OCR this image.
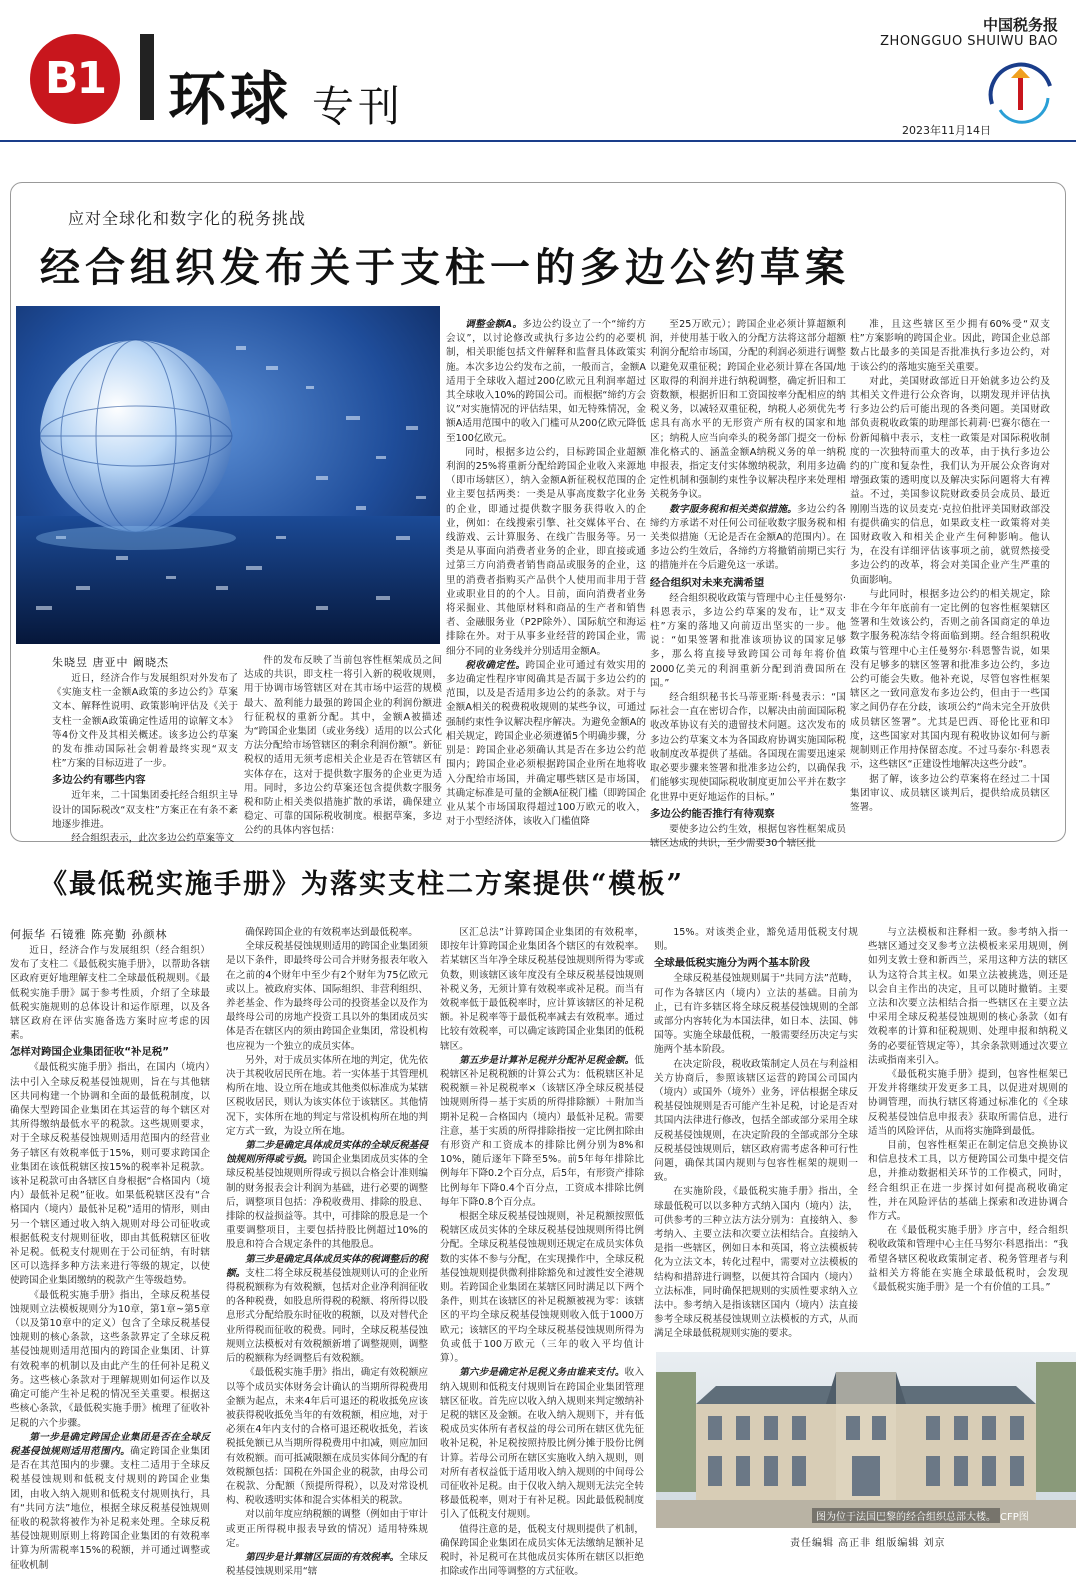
B1 环球 专刊
中国税务报
ZHONGGUO SHUIWU BAO
2023年11月14日
应对全球化和数字化的税务挑战
经合组织发布关于支柱一的多边公约草案
朱晓昱 唐亚中 阚晓杰

近日，经济合作与发展组织对外发布了《实施支柱一金额A政策的多边公约》草案文本、解释性说明、政策影响评估及《关于支柱一金额A政策确定性适用的谅解文本》等4份文件及其相关概述。该多边公约草案的发布推动国际社会朝着最终实现“双支柱”方案的目标迈进了一步。

多边公约有哪些内容

近年来，二十国集团委托经合组织主导设计的国际税改“双支柱”方案正在有条不紊地逐步推进。

经合组织表示，此次多边公约草案等文

件的发布反映了当前包容性框架成员之间达成的共识，即支柱一将引入新的税收规则，用于协调市场管辖区对在其市场中运营的规模最大、盈利能力最强的跨国企业的利润份额进行征税权的重新分配。其中，金额A被描述为“跨国企业集团（或业务线）适用的以公式化方法分配给市场管辖区的剩余利润份额”。新征税权的适用无须考虑相关企业是否在管辖区有实体存在，这对于提供数字服务的企业更为适用。同时，多边公约草案还包含提供数字服务税和防止相关类似措施扩散的承诺，确保建立稳定、可靠的国际税收制度。根据草案，多边公约的具体内容包括：

调整金额A。多边公约设立了一个“缔约方会议”，以讨论修改或执行多边公约的必要机制，相关职能包括文件解释和监督具体政策实施。本次多边公约发布之前，一般而言，金额A适用于全球收入超过200亿欧元且利润率超过其全球收入10%的跨国公司。而根据“缔约方会议”对实施情况的评估结果，如无特殊情况，金额A适用范围中的收入门槛可从200亿欧元降低至100亿欧元。

同时，根据多边公约，目标跨国企业超额利润的25%将重新分配给跨国企业收入来源地（即市场辖区），纳入金额A新征税权范围的企业主要包括两类：一类是从事高度数字化业务的企业，即通过提供数字服务获得收入的企业，例如：在线搜索引擎、社交媒体平台、在线游戏、云计算服务、在线广告服务等。另一类是从事面向消费者业务的企业，即直接或通过第三方向消费者销售商品或服务的企业，这里的消费者指购买产品供个人使用而非用于营业或职业目的的个人。目前，面向消费者业务将采掘业、其他原材料和商品的生产者和销售者、金融服务业（P2P除外）、国际航空和海运排除在外。对于从事多业经营的跨国企业，需细分不同的业务线并分别适用金额A。

税收确定性。跨国企业可通过有效实用的多边确定性程序审阅确其是否属于多边公约的范围，以及是否适用多边公约的条款。对于与金额A相关的税费税收规则的某些争议，可通过强制约束性争议解决程序解决。为避免金额A的相关规定，跨国企业必须遵循5个明确步骤，分别是：跨国企业必须确认其是否在多边公约范围内；跨国企业必须根据跨国企业所在地将收入分配给市场国，并确定哪些辖区是市场国，其确定标准是可量的金额A征税门槛（即跨国企业从某个市场国取得超过100万欧元的收入，对于小型经济体，该收入门槛值降

至25万欧元）；跨国企业必须计算超额利润，并使用基于收入的分配方法将这部分超额利润分配给市场国，分配的利润必须进行调整以避免双重征税；跨国企业必须计算在各国/地区取得的利润并进行纳税调整，确定折旧和工资数额，根据折旧和工资国按率分配相应的纳税义务，以减轻双重征税，纳税人必须优先考虑具有高水平的无形资产所有权的国家和地区；纳税人应当向牵头的税务部门提交一份标准化格式的、涵盖金额A纳税义务的单一纳税申报表，指定支付实体缴纳税款，利用多边确定性机制和强制约束性争议解决程序来处理相关税务争议。

数字服务税和相关类似措施。多边公约各缔约方承诺不对任何公司征收数字服务税和相关类似措施（无论是否在金额A的范围内）。在多边公约生效后，各缔约方将撤销前期已实行的措施并在今后避免这一承诺。

经合组织对未来充满希望

经合组织税收政策与管理中心主任曼努尔·科恩表示，多边公约草案的发布，让“双支柱”方案的落地又向前迈出坚实的一步。他说：“如果签署和批准该项协议的国家足够多，那么将直接导致跨国公司每年将价值2000亿美元的利润重新分配到消费国所在国。”

经合组织秘书长马蒂亚斯·科曼表示：“国际社会一直在密切合作，以解决由前面国际税收改革协议有关的遗留技术问题。这次发布的多边公约草案文本为各国政府协调实施国际税收制度改革提供了基础。各国现在需要迅速采取必要步骤来签署和批准多边公约，以确保我们能够实现使国际税收制度更加公平并在数字化世界中更好地运作的目标。”

多边公约能否推行有待观察

要使多边公约生效，根据包容性框架成员辖区达成的共识，至少需要30个辖区批

准，且这些辖区至少拥有60%受“双支柱”方案影响的跨国企业。因此，跨国企业总部数占比最多的美国是否批准执行多边公约，对于该公约的落地实施至关重要。

对此，美国财政部近日开始就多边公约及其相关文件进行公众咨询，以期发现并评估执行多边公约后可能出现的各类问题。美国财政部负责税收政策的助理部长莉莉·巴赛尔德在一份新闻稿中表示，支柱一政策是对国际税收制度的一次独特而重大的改革，由于执行多边公约的广度和复杂性，我们认为开展公众咨询对增强政策的透明度以及解决实际问题将大有裨益。不过，美国参议院财政委员会成员、最近刚刚当选的议员麦克·克拉伯批评美国财政部没有提供确实的信息，如果政支柱一政策将对美国财政收入和相关企业产生何种影响。他认为，在没有详细评估该事项之前，就贸然接受多边公约的改革，将会对美国企业产生严重的负面影响。

与此同时，根据多边公约的相关规定，除非在今年年底前有一定比例的包容性框架辖区签署和生效该公约，否则之前各国商定的单边数字服务税冻结令将面临到期。经合组织税收政策与管理中心主任曼努尔·科恩警告说，如果没有足够多的辖区签署和批准多边公约，多边公约可能会失败。他补充说，尽管包容性框架辖区之一致同意发布多边公约，但由于一些国家之间仍存在分歧，该项公约“尚未完全开放供成员辖区签署”。尤其是巴西、哥伦比亚和印度，这些国家对其国内现有税收协议如何与新规制则正作用持保留态度。不过马泰尔·科恩表示，这些辖区“正建设性地解决这些分歧”。

据了解，该多边公约草案将在经过二十国集团审议、成员辖区谈判后，提供给成员辖区签署。

《最低税实施手册》为落实支柱二方案提供“模板”
何振华 石镜雅 陈亮勤 孙颜林

近日，经济合作与发展组织（经合组织）发布了支柱二《最低税实施手册》，以帮助各辖区政府更好地理解支柱二全球最低税规则。《最低税实施手册》属于参考性质，介绍了全球最低税实施规则的总体设计和运作原理，以及各辖区政府在评估实施备选方案时应考虑的因素。

怎样对跨国企业集团征收“补足税”

《最低税实施手册》指出，在国内（境内）法中引入全球反税基侵蚀规则，旨在与其他辖区共同构建一个协调和全面的最低税制度，以确保大型跨国企业集团在其运营的每个辖区对其所得缴纳最低水平的税款。这些规则要求，对于全球反税基侵蚀规则适用范围内的经营业务子辖区有效税率低于15%，则可要求跨国企业集团在该低税辖区按15%的税率补足税款。该补足税款可由各辖区自身根据“合格国内（境内）最低补足税”征收。如果低税辖区没有“合格国内（境内）最低补足税”适用的情形，则由另一个辖区通过收入纳入规则对母公司征收或根据低税支付规则征收，即由其低税辖区征收补足税。低税支付规则在于公司征纳，有时辖区可以选择多种方法来进行等级的规定，以使使跨国企业集团缴纳的税款产生等级趋势。

《最低税实施手册》指出，全球反税基侵蚀规则立法模板规则分为10章，第1章~第5章（以及第10章中的定义）包含了全球反税基侵蚀规则的核心条款，这些条款界定了全球反税基侵蚀规则适用范围内的跨国企业集团、计算有效税率的机制以及由此产生的任何补足税义务。这些核心条款对于理解规则如何运作以及确定可能产生补足税的情况至关重要。根据这些核心条款，《最低税实施手册》梳理了征收补足税的六个步骤。

第一步是确定跨国企业集团是否在全球反税基侵蚀规则适用范围内。确定跨国企业集团是否在其范围内的步骤。支柱二适用于全球反税基侵蚀规则和低税支付规则的跨国企业集团，由收入纳入规则和低税支付规则执行，具有“共同方法”地位，根据全球反税基侵蚀规则征收的税款将被作为补足税来处理。全球反税基侵蚀规则原则上将跨国企业集团的有效税率计算为所需税率15%的税额，并可通过调整或征收机制

确保跨国企业的有效税率达到最低税率。

全球反税基侵蚀规则适用的跨国企业集团须是以下条件，即最终母公司合并财务报表年收入在之前的4个财年中至少有2个财年为75亿欧元或以上。被政府实体、国际组织、非营利组织、养老基金、作为最终母公司的投资基金以及作为最终母公司的房地产投资工具以外的集团成员实体是否在辖区内的须由跨国企业集团，常设机构也应视为一个独立的成员实体。

另外，对于成员实体所在地的判定，优先依决于其税收居民所在地。若一实体基于其管理机构所在地、设立所在地或其他类似标准成为某辖区税收居民，则认为该实体位于该辖区。其他情况下，实体所在地的判定与常设机构所在地的判定方式一致，为设立所在地。

第二步是确定具体成员实体的全球反税基侵蚀规则所得或亏损。跨国企业集团成员实体的全球反税基侵蚀规则所得或亏损以合格会计准则编制的财务报表会计利润为基础，进行必要的调整后，调整项目包括：净税收费用、排除的股息、排除的权益损益等。其中，可排除的股息是一个重要调整项目，主要包括持股比例超过10%的股息和符合合规定条件的其他股息。

第三步是确定具体成员实体的税调整后的税额。支柱二将全球反税基侵蚀规则认可的企业所得税税额称为有效税额，包括对企业净利润征收的各种税费，如股息所得税的税额、将所得以股息形式分配给股东时征收的税额，以及对替代企业所得税而征收的税费。同时，全球反税基侵蚀规则立法模板对有效税额新增了调整规则，调整后的税额称为经调整后有效税额。

《最低税实施手册》指出，确定有效税额应以等个成员实体财务会计确认的当期所得税费用金额为起点，未来4年后可退还的税收抵免应该被获得税收抵免当年的有效税额，相应地，对于必须在4年内支付的合格可退还税收抵免，若该税抵免额已从当期所得税费用中扣减，则应加回有效税额。而可抵减限额在成员实体间分配的有效税额包括：国税在外国企业的税款，由母公司在税款、分配额（预提所得税），以及对常设机构、税收透明实体和混合实体相关的税款。

对以前年度应纳税额的调整（例如由于审计或更正所得税申报表导致的情况）适用特殊规定。

第四步是计算辖区层面的有效税率。全球反税基侵蚀规则采用“辖

区汇总法”计算跨国企业集团的有效税率，即按年计算跨国企业集团各个辖区的有效税率。若某辖区当年净全球反税基侵蚀规则所得为零或负数，则该辖区该年度没有全球反税基侵蚀规则补税义务，无须计算有效税率或补足税。而当有效税率低于最低税率时，应计算该辖区的补足税额。补足税率等于最低税率减去有效税率。通过比较有效税率，可以确定该跨国企业集团的低税辖区。

第五步是计算补足税并分配补足税金额。低税辖区补足税税额的计算公式为：低税辖区补足税税额＝补足税税率×（该辖区净全球反税基侵蚀规则所得－基于实质的所得排除额）＋附加当期补足税－合格国内（境内）最低补足税。需要注意，基于实质的所得排除指按一定比例扣除由有形资产和工资成本的排除比例分别为8%和10%，随后逐年下降至5%。前5年每年排除比例每年下降0.2个百分点，后5年，有形资产排除比例每年下降0.4个百分点，工资成本排除比例每年下降0.8个百分点。

根据全球反税基侵蚀规则，补足税额按照低税辖区成员实体的全球反税基侵蚀规则所得比例分配。全球反税基侵蚀规则还规定在成员实体负数的实体不参与分配，在实现操作中，全球反税基侵蚀规则提供微利排除豁免和过渡性安全港规则。若跨国企业集团在某辖区同时满足以下两个条件，则其在该辖区的补足税额被视为零：该辖区的平均全球反税基侵蚀规则收入低于1000万欧元；该辖区的平均全球反税基侵蚀规则所得为负或低于100万欧元（三年的收入平均值计算）。

第六步是确定补足税义务由谁来支付。收入纳入规则和低税支付规则旨在跨国企业集团管理辖区征收。首先应以收入纳入规则来判定缴纳补足税的辖区及金额。在收入纳入规则下，并有低税成员实体所有者权益的母公司所在辖区优先征收补足税，补足税按照持股比例分摊于股份比例计算。若母公司所在辖区实施收入纳入规则，则对所有者权益低于适用收入纳入规则的中间母公司征收补足税。由于仅收入纳入规则无法完全转移最低税率，则对于有补足税。因此最低税制度引入了低税支付规则。

值得注意的是，低税支付规则提供了机制，确保跨国企业集团在成员实体无法缴纳足额补足税时，补足税可在其他成员实体所在辖区以拒绝扣除或作出同等调整的方式征收。

15%。对该类企业，豁免适用低税支付规则。

全球最低税实施分为两个基本阶段

全球反税基侵蚀规则属于“共同方法”范畴，可作为各辖区内（境内）立法的基础。目前为止，已有许多辖区将全球反税基侵蚀规则的全部或部分内容转化为本国法律，如日本、法国、韩国等。实施全球最低税，一般需要经历决定与实施两个基本阶段。

在决定阶段，税收政策制定人员在与利益相关方协商后，参照该辖区运营的跨国公司国内（境内）或国外（境外）业务，评估根据全球反税基侵蚀规则是否可能产生补足税，讨论是否对其国内法律进行修改，包括全部或部分采用全球反税基侵蚀规则，在决定阶段的全部或部分全球反税基侵蚀规则后，辖区政府需考虑各种可行性问题，确保其国内规则与包容性框架的规则一致。

在实施阶段，《最低税实施手册》指出，全球最低税可以以多种方式纳入国内（境内）法，可供参考的三种立法方法分别为：直接纳入、参考纳入、主要立法和次要立法相结合。直接纳入是指一些辖区，例如日本和英国，将立法模板转化为立法文本，转化过程中，需要对立法模板的结构和措辞进行调整，以便其符合国内（境内）立法标准，同时确保把规则的实质性要求纳入立法中。参考纳入是指该辖区国内（境内）法直接参考全球反税基侵蚀规则立法模板的方式，从而满足全球最低税规则实施的要求。

与立法模板和注释相一致。参考纳入指一些辖区通过交叉参考立法模板来采用规则，例如列支敦士登和新西兰，采用这种方法的辖区认为这符合其主权。如果立法被挑选，则还是以会自主作出的决定，且可以随时撤销。主要立法和次要立法相结合指一些辖区在主要立法中采用全球反税基侵蚀规则的核心条款（如有效税率的计算和征税规则、处理申报和纳税义务的必要征管规定等），其余条款则通过次要立法或指南来引入。

《最低税实施手册》提到，包容性框架已开发并将继续开发更多工具，以促进对规则的协调管理，而执行辖区将通过标准化的《全球反税基侵蚀信息申报表》获取所需信息，进行适当的风险评估，从而将实施降到最低。

目前，包容性框架正在制定信息交换协议和信息技术工具，以方便跨国公司集中提交信息，并推动数据相关环节的工作模式，同时，经合组织正在进一步探讨如何提高税收确定性，并在风险评估的基础上探索和改进协调合作方式。

在《最低税实施手册》序言中，经合组织税收政策和管理中心主任马努尔·科恩指出：“我希望各辖区税收政策制定者、税务管理者与利益相关方将能在实施全球最低税时，会发现《最低税实施手册》是一个有价值的工具。”

图为位于法国巴黎的经合组织总部大楼。 CFP图
责任编辑 高正非 组版编辑 刘京
